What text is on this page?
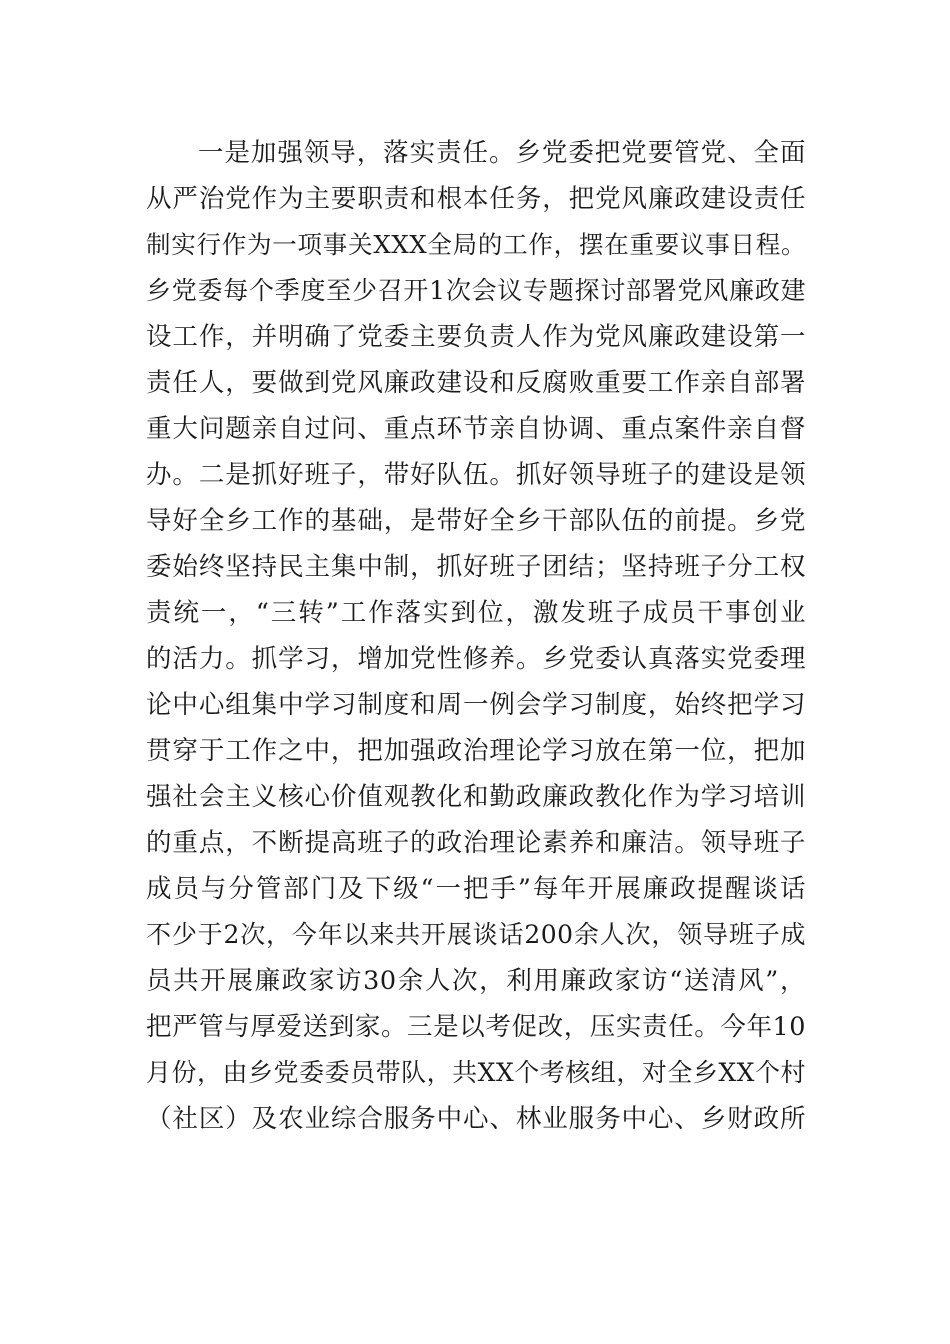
一是加强领导，落实责任。乡党委把党要管党、全面

从严治党作为主要职责和根本任务，把党风廉政建设责任

制实行作为一项事关XXX全局的工作，摆在重要议事日程。

乡党委每个季度至少召开1次会议专题探讨部署党风廉政建

设工作，并明确了党委主要负责人作为党风廉政建设第一

责任人，要做到党风廉政建设和反腐败重要工作亲自部署

重大问题亲自过问、重点环节亲自协调、重点案件亲自督

办。二是抓好班子，带好队伍。抓好领导班子的建设是领

导好全乡工作的基础，是带好全乡干部队伍的前提。乡党

委始终坚持民主集中制，抓好班子团结；坚持班子分工权

责统一，“三转”工作落实到位，激发班子成员干事创业

的活力。抓学习，增加党性修养。乡党委认真落实党委理

论中心组集中学习制度和周一例会学习制度，始终把学习

贯穿于工作之中，把加强政治理论学习放在第一位，把加

强社会主义核心价值观教化和勤政廉政教化作为学习培训

的重点，不断提高班子的政治理论素养和廉洁。领导班子

成员与分管部门及下级“一把手”每年开展廉政提醒谈话

不少于2次，今年以来共开展谈话200余人次，领导班子成

员共开展廉政家访30余人次，利用廉政家访“送清风”，

把严管与厚爱送到家。三是以考促改，压实责任。今年10

月份，由乡党委委员带队，共XX个考核组，对全乡XX个村

（社区）及农业综合服务中心、林业服务中心、乡财政所
